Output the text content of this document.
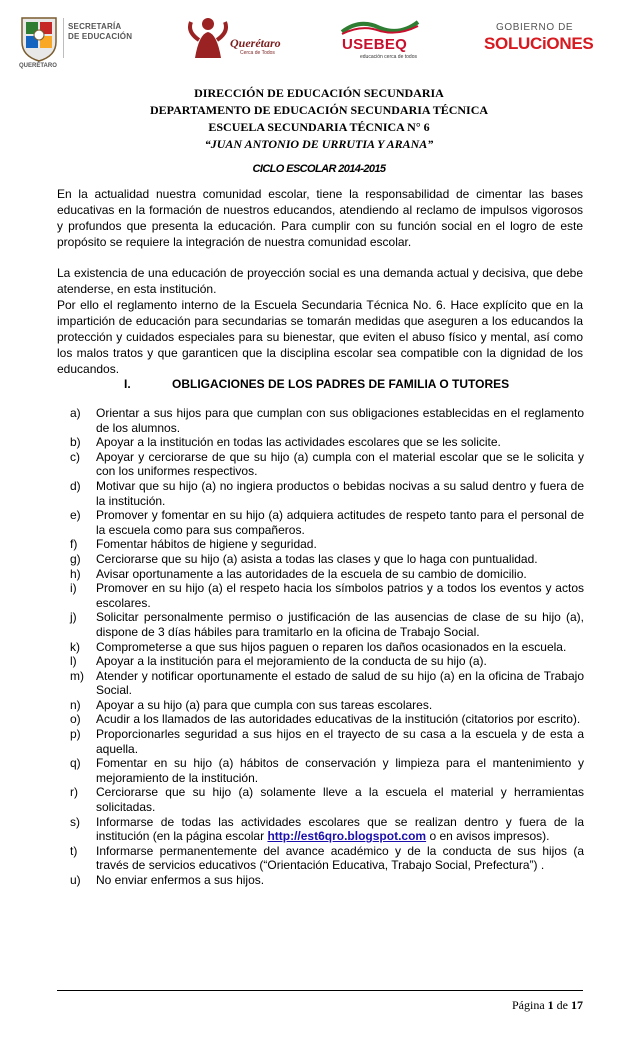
SECRETARÍA
DE EDUCACIÓN
QUERÉTARO
Querétaro
Cerca de Todos	USEBEQ
educación cerca de todos
GOBIERNO DE
SOLUCiONES
DIRECCIÓN DE EDUCACIÓN SECUNDARIA
DEPARTAMENTO DE EDUCACIÓN SECUNDARIA TÉCNICA
ESCUELA SECUNDARIA TÉCNICA N° 6
“JUAN ANTONIO DE URRUTIA Y ARANA”
CICLO ESCOLAR 2014-2015
En la actualidad nuestra comunidad escolar, tiene la responsabilidad de cimentar las bases educativas en la formación de nuestros educandos, atendiendo al reclamo de impulsos vigorosos y profundos que presenta la educación. Para cumplir con su función social en el logro de este propósito se requiere la integración de nuestra comunidad escolar.
La existencia de una educación de proyección social es una demanda actual y decisiva, que debe atenderse, en esta institución.
Por ello el reglamento interno de la Escuela Secundaria Técnica No. 6. Hace explícito que en la impartición de educación para secundarias se tomarán medidas que aseguren a los educandos la protección y cuidados especiales para su bienestar, que eviten el abuso físico y mental, así como los malos tratos y que garanticen que la disciplina escolar sea compatible con la dignidad de los educandos.
I.	OBLIGACIONES DE LOS PADRES DE FAMILIA O TUTORES
a) Orientar a sus hijos para que cumplan con sus obligaciones establecidas en el reglamento de los alumnos.
b) Apoyar a la institución en todas las actividades escolares que se les solicite.
c) Apoyar y cerciorarse de que su hijo (a) cumpla con el material escolar que se le solicita y con los uniformes respectivos.
d) Motivar que su hijo (a) no ingiera productos o bebidas nocivas a su salud dentro y fuera de la institución.
e) Promover y fomentar en su hijo (a) adquiera actitudes de respeto tanto para el personal de la escuela como para sus compañeros.
f) Fomentar hábitos de higiene y seguridad.
g) Cerciorarse que su hijo (a) asista a todas las clases y que lo haga con puntualidad.
h) Avisar oportunamente a las autoridades de la escuela de su cambio de domicilio.
i) Promover en su hijo (a) el respeto hacia los símbolos patrios y a todos los eventos y actos escolares.
j) Solicitar personalmente permiso o justificación de las ausencias de clase de su hijo (a), dispone de 3 días hábiles para tramitarlo en la oficina de Trabajo Social.
k) Comprometerse a que sus hijos paguen o reparen los daños ocasionados en la escuela.
l) Apoyar a la institución para el mejoramiento de la conducta de su hijo (a).
m) Atender y notificar oportunamente el estado de salud de su hijo (a) en la oficina de Trabajo Social.
n) Apoyar a su hijo (a) para que cumpla con sus tareas escolares.
o) Acudir a los llamados de las autoridades educativas de la institución (citatorios por escrito).
p) Proporcionarles seguridad a sus hijos en el trayecto de su casa a la escuela y de esta a aquella.
q) Fomentar en su hijo (a) hábitos de conservación y limpieza para el mantenimiento y mejoramiento de la institución.
r) Cerciorarse que su hijo (a) solamente lleve a la escuela el material y herramientas solicitadas.
s) Informarse de todas las actividades escolares que se realizan dentro y fuera de la institución (en la página escolar http://est6qro.blogspot.com o en avisos impresos).
t) Informarse permanentemente del avance académico y de la conducta de sus hijos (a través de servicios educativos (“Orientación Educativa, Trabajo Social, Prefectura”) .
u) No enviar enfermos a sus hijos.
Página 1 de 17
